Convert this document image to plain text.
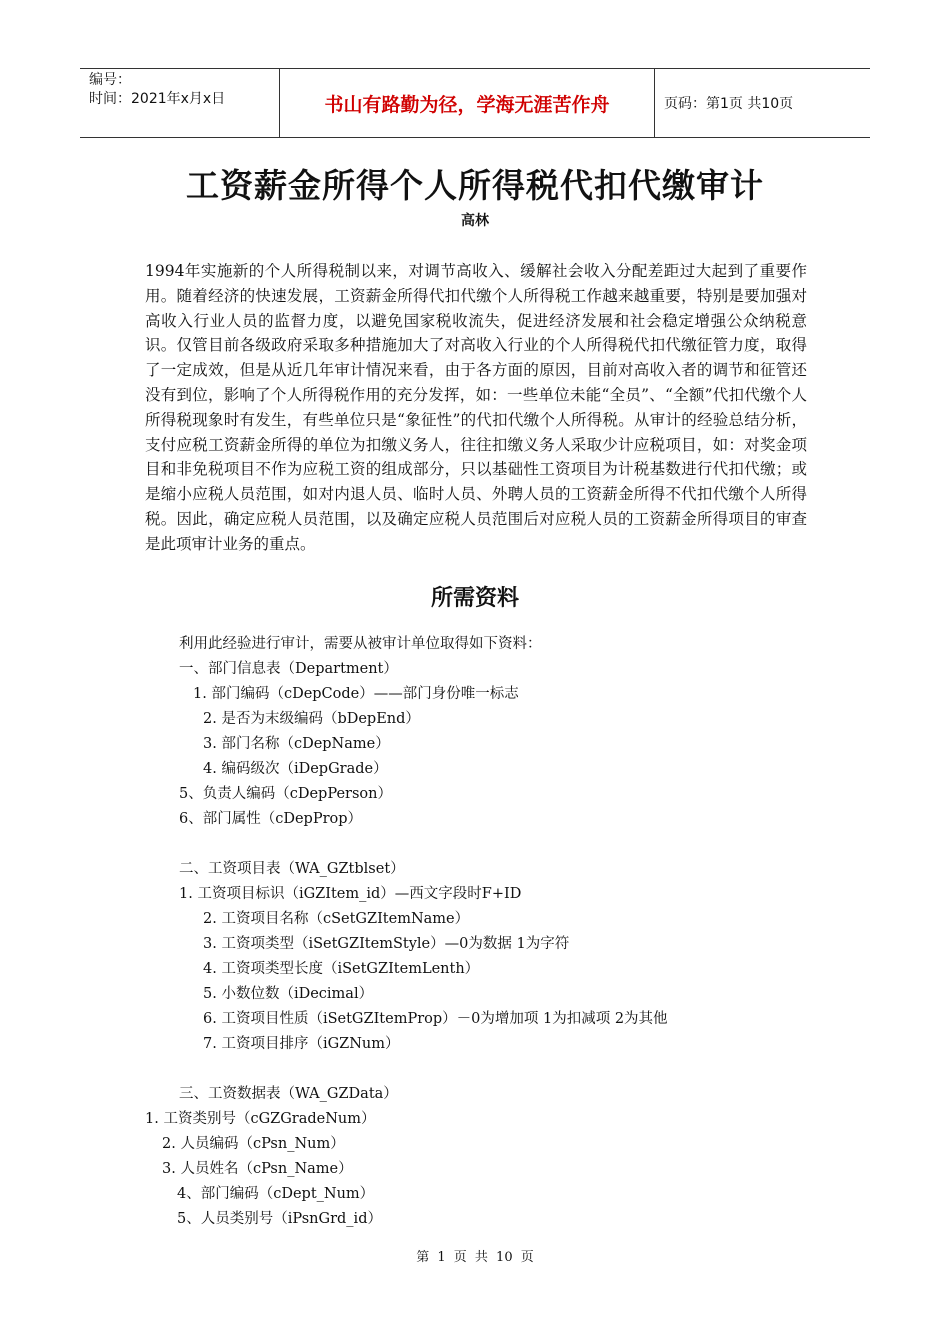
编号：
时间：2021年x月x日	书山有路勤为径，学海无涯苦作舟	页码：第1页 共10页
工资薪金所得个人所得税代扣代缴审计
高林
1994年实施新的个人所得税制以来，对调节高收入、缓解社会收入分配差距过大起到了重要作用。随着经济的快速发展，工资薪金所得代扣代缴个人所得税工作越来越重要，特别是要加强对高收入行业人员的监督力度，以避免国家税收流失，促进经济发展和社会稳定增强公众纳税意识。仅管目前各级政府采取多种措施加大了对高收入行业的个人所得税代扣代缴征管力度，取得了一定成效，但是从近几年审计情况来看，由于各方面的原因，目前对高收入者的调节和征管还没有到位，影响了个人所得税作用的充分发挥，如：一些单位未能“全员”、“全额”代扣代缴个人所得税现象时有发生，有些单位只是“象征性”的代扣代缴个人所得税。从审计的经验总结分析，支付应税工资薪金所得的单位为扣缴义务人，往往扣缴义务人采取少计应税项目，如：对奖金项目和非免税项目不作为应税工资的组成部分，只以基础性工资项目为计税基数进行代扣代缴；或是缩小应税人员范围，如对内退人员、临时人员、外聘人员的工资薪金所得不代扣代缴个人所得税。因此，确定应税人员范围，以及确定应税人员范围后对应税人员的工资薪金所得项目的审查是此项审计业务的重点。
所需资料
利用此经验进行审计，需要从被审计单位取得如下资料：
一、部门信息表（Department）
1. 部门编码（cDepCode）——部门身份唯一标志
2. 是否为末级编码（bDepEnd）
3. 部门名称（cDepName）
4. 编码级次（iDepGrade）
5、负责人编码（cDepPerson）
6、部门属性（cDepProp）
二、工资项目表（WA_GZtblset）
1. 工资项目标识（iGZItem_id）—西文字段时F+ID
2. 工资项目名称（cSetGZItemName）
3. 工资项类型（iSetGZItemStyle）—0为数据 1为字符
4. 工资项类型长度（iSetGZItemLenth）
5. 小数位数（iDecimal）
6. 工资项目性质（iSetGZItemProp）－0为增加项 1为扣减项 2为其他
7. 工资项目排序（iGZNum）
三、工资数据表（WA_GZData）
1. 工资类别号（cGZGradeNum）
2. 人员编码（cPsn_Num）
3. 人员姓名（cPsn_Name）
4、部门编码（cDept_Num）
5、人员类别号（iPsnGrd_id）
第 1 页 共 10 页
